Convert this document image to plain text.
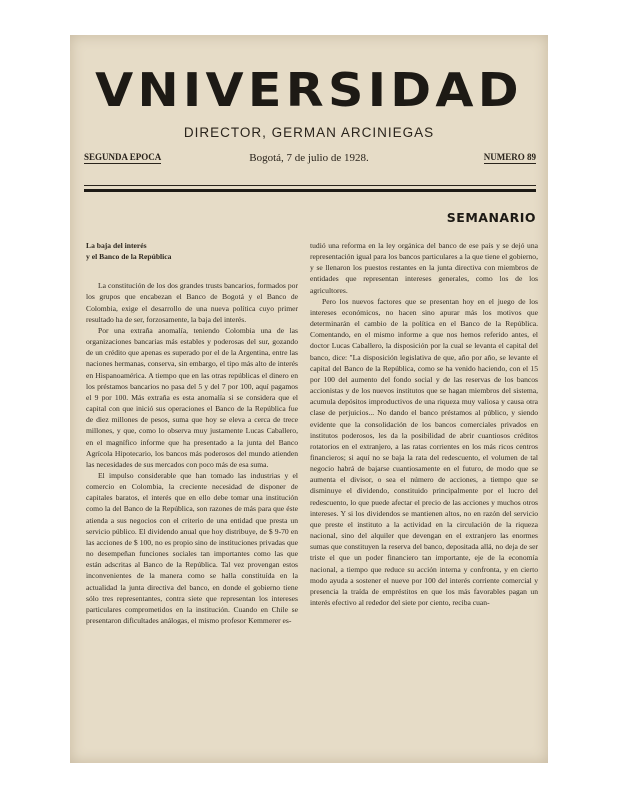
VNIVERSIDAD
DIRECTOR, GERMAN ARCINIEGAS
SEGUNDA EPOCA	Bogotá, 7 de julio de 1928.	NUMERO 89
SEMANARIO
La baja del interés
y el Banco de la República

La constitución de los dos grandes trusts bancarios, formados por los grupos que encabezan el Banco de Bogotá y el Banco de Colombia, exige el desarrollo de una nueva política cuyo primer resultado ha de ser, forzosamente, la baja del interés.

Por una extraña anomalía, teniendo Colombia una de las organizaciones bancarias más estables y poderosas del sur, gozando de un crédito que apenas es superado por el de la Argentina, entre las naciones hermanas, conserva, sin embargo, el tipo más alto de interés en Hispanoamérica. A tiempo que en las otras repúblicas el dinero en los préstamos bancarios no pasa del 5 y del 7 por 100, aquí pagamos el 9 por 100. Más extraña es esta anomalía si se considera que el capital con que inició sus operaciones el Banco de la República fue de diez millones de pesos, suma que hoy se eleva a cerca de trece millones, y que, como lo observa muy justamente Lucas Caballero, en el magnífico informe que ha presentado a la junta del Banco Agrícola Hipotecario, los bancos más poderosos del mundo atienden las necesidades de sus mercados con poco más de esa suma.

El impulso considerable que han tomado las industrias y el comercio en Colombia, la creciente necesidad de disponer de capitales baratos, el interés que en ello debe tomar una institución como la del Banco de la República, son razones de más para que éste atienda a sus negocios con el criterio de una entidad que presta un servicio público. El dividendo anual que hoy distribuye, de $ 9-70 en las acciones de $ 100, no es propio sino de instituciones privadas que no desempeñan funciones sociales tan importantes como las que están adscritas al Banco de la República. Tal vez provengan estos inconvenientes de la manera como se halla constituída en la actualidad la junta directiva del banco, en donde el gobierno tiene sólo tres representantes, contra siete que representan los intereses particulares comprometidos en la institución. Cuando en Chile se presentaron dificultades análogas, el mismo profesor Kemmerer es-

tudió una reforma en la ley orgánica del banco de ese país y se dejó una representación igual para los bancos particulares a la que tiene el gobierno, y se llenaron los puestos restantes en la junta directiva con miembros de entidades que representan intereses generales, como los de los agricultores.

Pero los nuevos factores que se presentan hoy en el juego de los intereses económicos, no hacen sino apurar más los motivos que determinarán el cambio de la política en el Banco de la República. Comentando, en el mismo informe a que nos hemos referido antes, el doctor Lucas Caballero, la disposición por la cual se levanta el capital del banco, dice: "La disposición legislativa de que, año por año, se levante el capital del Banco de la República, como se ha venido haciendo, con el 15 por 100 del aumento del fondo social y de las reservas de los bancos accionistas y de los nuevos institutos que se hagan miembros del sistema, acumula depósitos improductivos de una riqueza muy valiosa y causa otra clase de perjuicios... No dando el banco préstamos al público, y siendo evidente que la consolidación de los bancos comerciales privados en institutos poderosos, les da la posibilidad de abrir cuantiosos créditos rotatorios en el extranjero, a las ratas corrientes en los más ricos centros financieros; si aquí no se baja la rata del redescuento, el volumen de tal negocio habrá de bajarse cuantiosamente en el futuro, de modo que se aumenta el divisor, o sea el número de acciones, a tiempo que se disminuye el dividendo, constituido principalmente por el lucro del redescuento, lo que puede afectar el precio de las acciones y muchos otros intereses. Y si los dividendos se mantienen altos, no en razón del servicio que preste el instituto a la actividad en la circulación de la riqueza nacional, sino del alquiler que devengan en el extranjero las enormes sumas que constituyen la reserva del banco, depositada allá, no deja de ser triste el que un poder financiero tan importante, eje de la economía nacional, a tiempo que reduce su acción interna y confronta, y en cierto modo ayuda a sostener el nueve por 100 del interés corriente comercial y presencia la traída de empréstitos en que los más favorables pagan un interés efectivo al rededor del siete por ciento, reciba cuan-
